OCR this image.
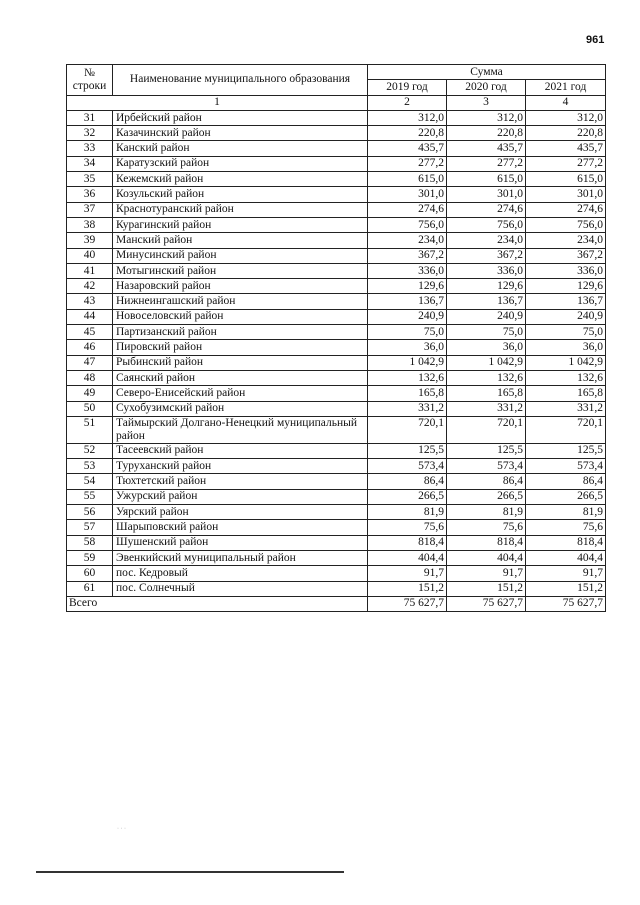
961
№ строки	Наименование муниципального образования	Сумма		
		2019 год	2020 год	2021 год
1		2	3	4
31	Ирбейский район	312,0	312,0	312,0
32	Казачинский район	220,8	220,8	220,8
33	Канский район	435,7	435,7	435,7
34	Каратузский район	277,2	277,2	277,2
35	Кежемский район	615,0	615,0	615,0
36	Козульский район	301,0	301,0	301,0
37	Краснотуранский район	274,6	274,6	274,6
38	Курагинский район	756,0	756,0	756,0
39	Манский район	234,0	234,0	234,0
40	Минусинский район	367,2	367,2	367,2
41	Мотыгинский район	336,0	336,0	336,0
42	Назаровский район	129,6	129,6	129,6
43	Нижнеингашский район	136,7	136,7	136,7
44	Новоселовский район	240,9	240,9	240,9
45	Партизанский район	75,0	75,0	75,0
46	Пировский район	36,0	36,0	36,0
47	Рыбинский район	1 042,9	1 042,9	1 042,9
48	Саянский район	132,6	132,6	132,6
49	Северо-Енисейский район	165,8	165,8	165,8
50	Сухобузимский район	331,2	331,2	331,2
51	Таймырский Долгано-Ненецкий муниципальный район	720,1	720,1	720,1
52	Тасеевский район	125,5	125,5	125,5
53	Туруханский район	573,4	573,4	573,4
54	Тюхтетский район	86,4	86,4	86,4
55	Ужурский район	266,5	266,5	266,5
56	Уярский район	81,9	81,9	81,9
57	Шарыповский район	75,6	75,6	75,6
58	Шушенский район	818,4	818,4	818,4
59	Эвенкийский муниципальный район	404,4	404,4	404,4
60	пос. Кедровый	91,7	91,7	91,7
61	пос. Солнечный	151,2	151,2	151,2
Всего		75 627,7	75 627,7	75 627,7
· · ·
